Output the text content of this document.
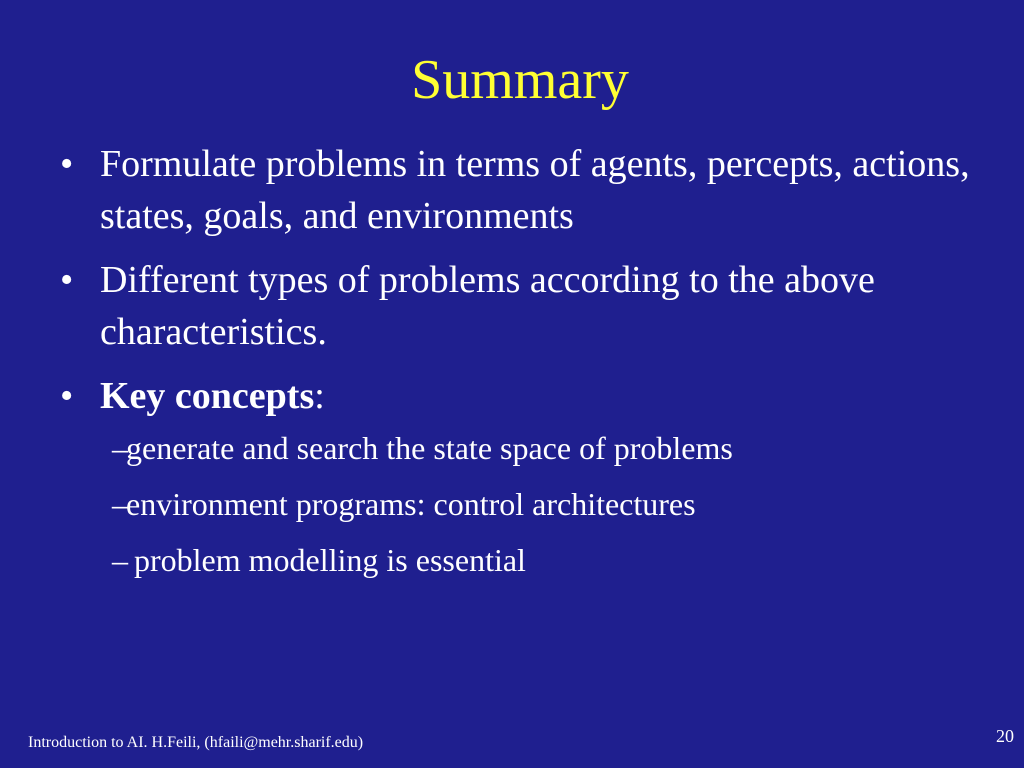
Summary
• Formulate problems in terms of agents, percepts, actions, states, goals, and environments
• Different types of problems according to the above characteristics.
• Key concepts:
–
generate and search the state space of problems
–
environment programs: control architectures
–
problem modelling is essential
Introduction to AI. H.Feili, (hfaili@mehr.sharif.edu)	20
